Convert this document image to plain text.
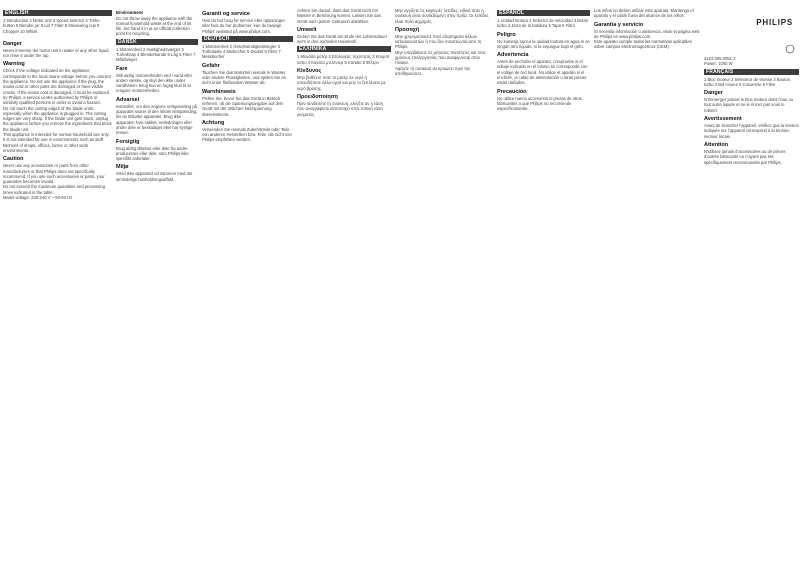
ENGLISH
1 Introduction 2 Motor unit 3 Speed selector 4 Turbo button 5 Blender jar 6 Lid 7 Filter 8 Measuring cup 9 Chopper 10 Whisk
Danger
Never immerse the motor unit in water or any other liquid, nor rinse it under the tap.
Warning
Check if the voltage indicated on the appliance corresponds to the local mains voltage before you connect the appliance. Do not use the appliance if the plug, the mains cord or other parts are damaged or have visible cracks. If the mains cord is damaged, it must be replaced by Philips, a service centre authorised by Philips or similarly qualified persons in order to avoid a hazard.
Do not touch the cutting edges of the blade units, especially when the appliance is plugged in. The cutting edges are very sharp. If the blade unit gets stuck, unplug the appliance before you remove the ingredients that block the blade unit.
This appliance is intended for normal household use only. It is not intended for use in environments such as staff kitchens of shops, offices, farms or other work environments.
Caution
Never use any accessories or parts from other manufacturers or that Philips does not specifically recommend. If you use such accessories or parts, your guarantee becomes invalid.
Do not exceed the maximum quantities and processing times indicated in the table.
Mains voltage: 220-240 V ~ 50-60 Hz
Environment
Do not throw away the appliance with the normal household waste at the end of its life, but hand it in at an official collection point for recycling.
DANSK
1 Motorenhed 2 Hastighedsvælger 3 Turboknap 4 Blenderkande 5 Låg 6 Filter 7 Målebæger
Fare
Stik aldrig motorenheden ned i vand eller anden væske, og skyl den ikke under vandhanen. Brug kun en fugtig klud til at rengøre motorenheden.
Advarsel
Kontroller, om den angivne netspænding på apparatet svarer til den lokale netspænding, før du tilslutter apparatet. Brug ikke apparatet, hvis stikket, netledningen eller andre dele er beskadiget eller har synlige revner.
Forsigtig
Brug aldrig tilbehør eller dele fra andre producenter eller dele, som Philips ikke specifikt anbefaler.
Miljø
Smid ikke apparatet ud sammen med det almindelige husholdningsaffald.
Garanti og service
Hvis du har brug for service eller oplysninger, eller hvis du har problemer, kan du besøge Philips' websted på www.philips.com.
DEUTSCH
1 Motoreinheit 2 Geschwindigkeitsregler 3 Turbotaste 4 Mixbecher 5 Deckel 6 Filter 7 Messbecher
Gefahr
Tauchen Sie das Motorteil niemals in Wasser oder andere Flüssigkeiten, und spülen Sie es nicht unter fließendem Wasser ab.
Warnhinweis
Prüfen Sie, bevor Sie das Gerät in Betrieb nehmen, ob die Spannungsangabe auf dem Gerät mit der örtlichen Netzspannung übereinstimmt.
Achtung
Verwenden Sie niemals Zubehörteile oder Teile von anderen Herstellern bzw. Teile, die nicht von Philips empfohlen werden.
Achten Sie darauf, dass das Gerät nicht mit Wasser in Berührung kommt. Lassen Sie das Gerät nach jedem Gebrauch abkühlen.
Umwelt
Geben Sie das Gerät am Ende der Lebensdauer nicht in den normalen Hausmüll.
ΕΛΛΗΝΙΚΑ
1 Μονάδα μοτέρ 2 Επιλογέας ταχύτητας 3 Κουμπί turbo 4 Κανάτα μπλέντερ 5 Καπάκι 6 Φίλτρο
Κίνδυνος
Μην βυθίζετε ποτέ το μοτέρ σε νερό ή οποιοδήποτε άλλο υγρό και μην το ξεπλένετε με νερό βρύσης.
Προειδοποίηση
Πριν συνδέσετε τη συσκευή, ελέγξτε αν η τάση που αναγράφεται αντιστοιχεί στην τοπική τάση ρεύματος.
Μην αγγίζετε τις κοφτερές λεπίδες, ειδικά όταν η συσκευή είναι συνδεδεμένη στην πρίζα. Οι λεπίδες είναι πολύ αιχμηρές.
Προσοχή
Μην χρησιμοποιείτε ποτέ εξαρτήματα άλλων κατασκευαστών ή που δεν συνιστώνται από τη Philips.
Μην υπερβαίνετε τις μέγιστες ποσότητες και τους χρόνους επεξεργασίας που αναφέρονται στον πίνακα.
Αφήστε τη συσκευή να κρυώσει πριν την αποθηκεύσετε.
ESPAÑOL
1 Unidad motora 2 Selector de velocidad 3 Botón turbo 4 Jarra de la batidora 5 Tapa 6 Filtro
Peligro
No sumerja nunca la unidad motora en agua ni en ningún otro líquido, ni la enjuague bajo el grifo.
Advertencia
Antes de enchufar el aparato, compruebe si el voltaje indicado en el mismo se corresponde con el voltaje de red local. No utilice el aparato si el enchufe, el cable de alimentación u otras piezas están dañados.
Precaución
No utilice nunca accesorios ni piezas de otros fabricantes o que Philips no recomiende específicamente.
Los niños no deben utilizar este aparato. Mantenga el aparato y el cable fuera del alcance de los niños.
Garantía y servicio
Si necesita información o asistencia, visite la página web de Philips en www.philips.com.
Este aparato cumple todas las normativas aplicables sobre campos electromagnéticos (CEM).
PHILIPS
4222.005.0051.2
Power: 1000 W
FRANÇAIS
1 Bloc moteur 2 Sélecteur de vitesse 3 Bouton turbo 4 Bol mixeur 5 Couvercle 6 Filtre
Danger
N’immergez jamais le bloc moteur dans l’eau ou tout autre liquide et ne le rincez pas sous le robinet.
Avertissement
Avant de brancher l’appareil, vérifiez que la tension indiquée sur l’appareil correspond à la tension secteur locale.
Attention
N’utilisez jamais d’accessoires ou de pièces d’autres fabricants ou n’ayant pas été spécifiquement recommandés par Philips.
